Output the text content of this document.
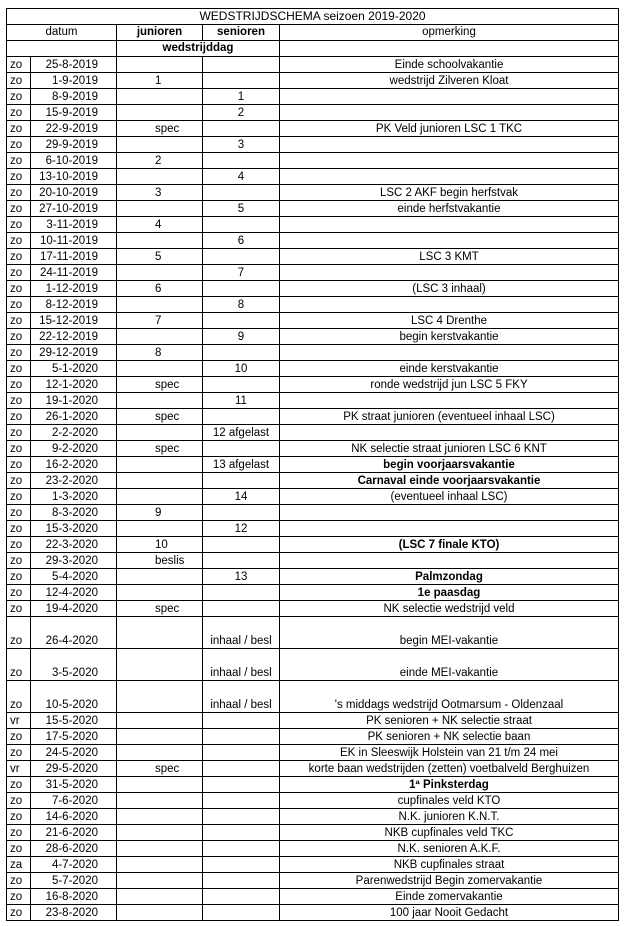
WEDSTRIJDSCHEMA seizoen 2019-2020				
datum		junioren	senioren	opmerking
		wedstrijddag		
zo	25-8-2019			Einde schoolvakantie
zo	1-9-2019	1		wedstrijd Zilveren Kloat
zo	8-9-2019		1	
zo	15-9-2019		2	
zo	22-9-2019	spec		PK Veld junioren LSC 1 TKC
zo	29-9-2019		3	
zo	6-10-2019	2		
zo	13-10-2019		4	
zo	20-10-2019	3		LSC 2 AKF begin herfstvak
zo	27-10-2019		5	einde herfstvakantie
zo	3-11-2019	4		
zo	10-11-2019		6	
zo	17-11-2019	5		LSC 3 KMT
zo	24-11-2019		7	
zo	1-12-2019	6		(LSC 3 inhaal)
zo	8-12-2019		8	
zo	15-12-2019	7		LSC 4 Drenthe
zo	22-12-2019		9	begin kerstvakantie
zo	29-12-2019	8		
zo	5-1-2020		10	einde kerstvakantie
zo	12-1-2020	spec		ronde wedstrijd jun LSC 5 FKY
zo	19-1-2020		11	
zo	26-1-2020	spec		PK straat junioren (eventueel inhaal LSC)
zo	2-2-2020		12 afgelast	
zo	9-2-2020	spec		NK selectie straat junioren LSC 6 KNT
zo	16-2-2020		13 afgelast	begin voorjaarsvakantie
zo	23-2-2020			Carnaval einde voorjaarsvakantie
zo	1-3-2020		14	(eventueel inhaal LSC)
zo	8-3-2020	9		
zo	15-3-2020		12	
zo	22-3-2020	10		(LSC 7 finale KTO)
zo	29-3-2020	beslis		
zo	5-4-2020		13	Palmzondag
zo	12-4-2020			1e paasdag
zo	19-4-2020	spec		NK selectie wedstrijd veld
zo	26-4-2020		inhaal / besl	begin MEI-vakantie
zo	3-5-2020		inhaal / besl	einde MEI-vakantie
zo	10-5-2020		inhaal / besl	's middags wedstrijd Ootmarsum - Oldenzaal
vr	15-5-2020			PK senioren + NK selectie straat
zo	17-5-2020			PK senioren + NK selectie baan
zo	24-5-2020			EK in Sleeswijk Holstein van 21 t/m 24 mei
vr	29-5-2020	spec		korte baan wedstrijden (zetten) voetbalveld Berghuizen
zo	31-5-2020			1ª Pinksterdag
zo	7-6-2020			cupfinales veld KTO
zo	14-6-2020			N.K. junioren K.N.T.
zo	21-6-2020			NKB cupfinales veld TKC
zo	28-6-2020			N.K. senioren A.K.F.
za	4-7-2020			NKB cupfinales straat
zo	5-7-2020			Parenwedstrijd Begin zomervakantie
zo	16-8-2020			Einde zomervakantie
zo	23-8-2020			100 jaar Nooit Gedacht
